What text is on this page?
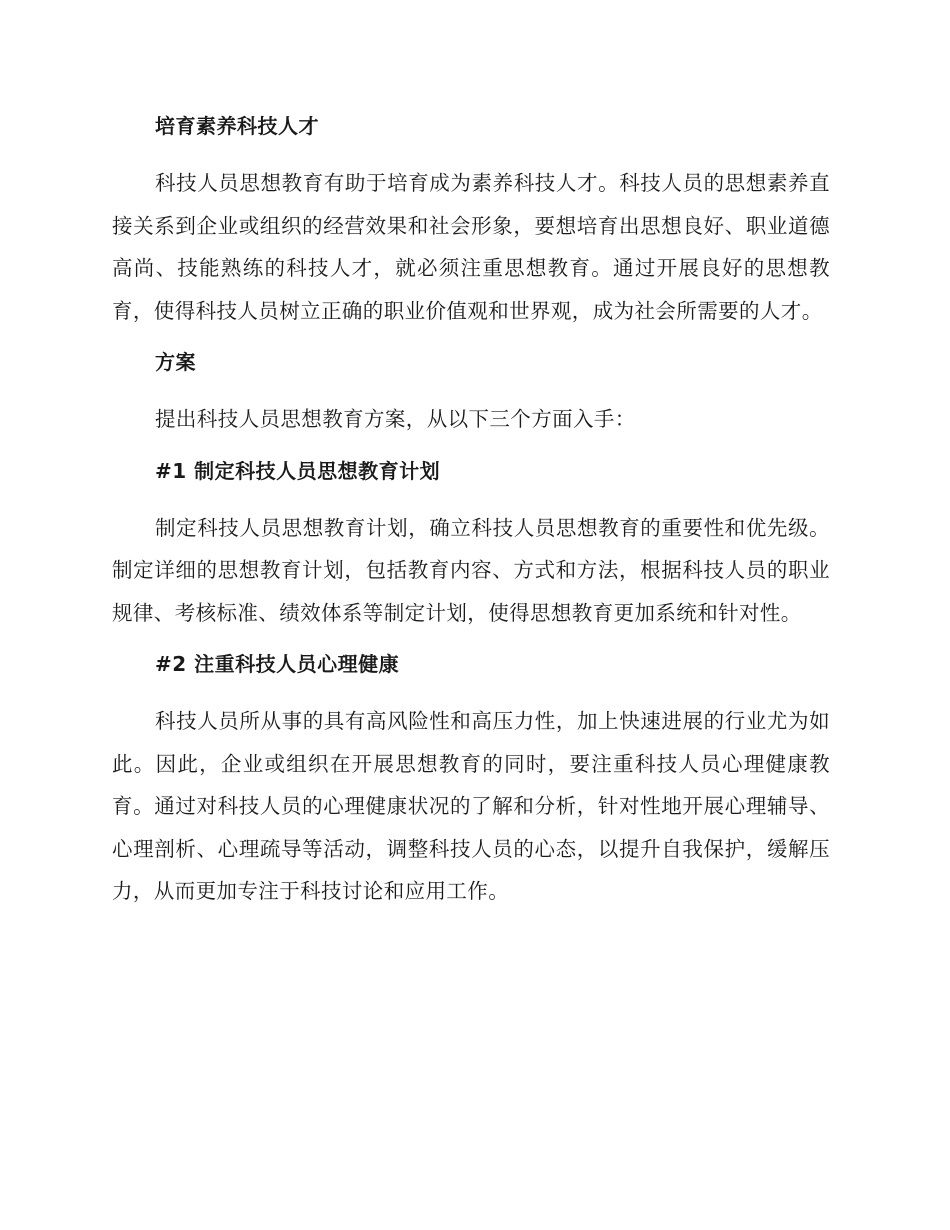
培育素养科技人才

科技人员思想教育有助于培育成为素养科技人才。科技人员的思想素养直接关系到企业或组织的经营效果和社会形象，要想培育出思想良好、职业道德高尚、技能熟练的科技人才，就必须注重思想教育。通过开展良好的思想教育，使得科技人员树立正确的职业价值观和世界观，成为社会所需要的人才。

方案

提出科技人员思想教育方案，从以下三个方面入手：

#1 制定科技人员思想教育计划

制定科技人员思想教育计划，确立科技人员思想教育的重要性和优先级。制定详细的思想教育计划，包括教育内容、方式和方法，根据科技人员的职业规律、考核标准、绩效体系等制定计划，使得思想教育更加系统和针对性。

#2 注重科技人员心理健康

科技人员所从事的具有高风险性和高压力性，加上快速进展的行业尤为如此。因此，企业或组织在开展思想教育的同时，要注重科技人员心理健康教育。通过对科技人员的心理健康状况的了解和分析，针对性地开展心理辅导、心理剖析、心理疏导等活动，调整科技人员的心态，以提升自我保护，缓解压力，从而更加专注于科技讨论和应用工作。
